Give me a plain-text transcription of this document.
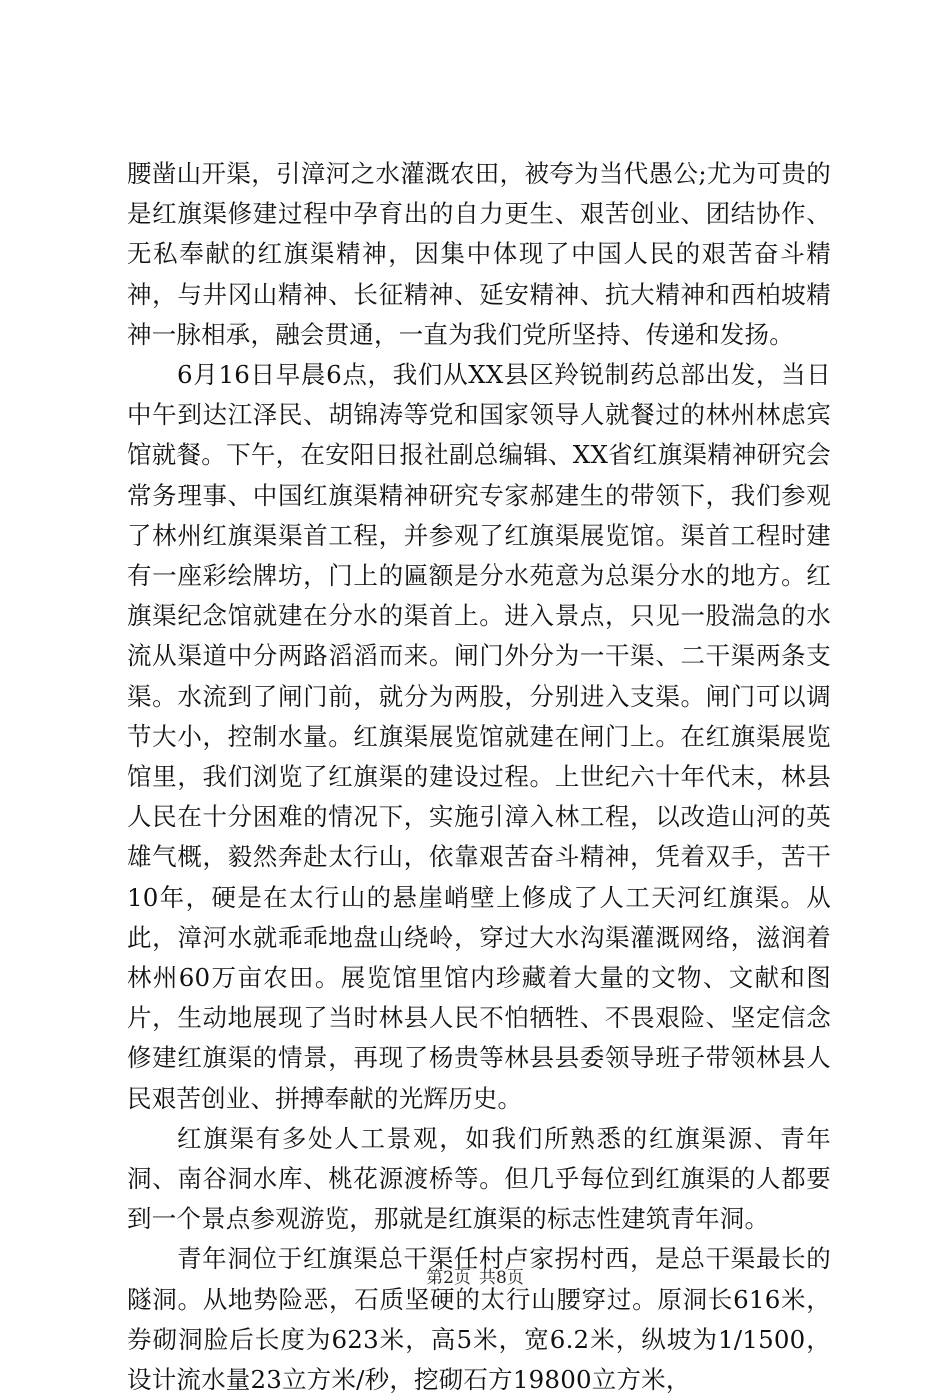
腰凿山开渠，引漳河之水灌溉农田，被夸为当代愚公;尤为可贵的是红旗渠修建过程中孕育出的自力更生、艰苦创业、团结协作、无私奉献的红旗渠精神，因集中体现了中国人民的艰苦奋斗精神，与井冈山精神、长征精神、延安精神、抗大精神和西柏坡精神一脉相承，融会贯通，一直为我们党所坚持、传递和发扬。

6月16日早晨6点，我们从XX县区羚锐制药总部出发，当日中午到达江泽民、胡锦涛等党和国家领导人就餐过的林州林虑宾馆就餐。下午，在安阳日报社副总编辑、XX省红旗渠精神研究会常务理事、中国红旗渠精神研究专家郝建生的带领下，我们参观了林州红旗渠渠首工程，并参观了红旗渠展览馆。渠首工程时建有一座彩绘牌坊，门上的匾额是分水苑意为总渠分水的地方。红旗渠纪念馆就建在分水的渠首上。进入景点，只见一股湍急的水流从渠道中分两路滔滔而来。闸门外分为一干渠、二干渠两条支渠。水流到了闸门前，就分为两股，分别进入支渠。闸门可以调节大小，控制水量。红旗渠展览馆就建在闸门上。在红旗渠展览馆里，我们浏览了红旗渠的建设过程。上世纪六十年代末，林县人民在十分困难的情况下，实施引漳入林工程，以改造山河的英雄气概，毅然奔赴太行山，依靠艰苦奋斗精神，凭着双手，苦干10年，硬是在太行山的悬崖峭壁上修成了人工天河红旗渠。从此，漳河水就乖乖地盘山绕岭，穿过大水沟渠灌溉网络，滋润着林州60万亩农田。展览馆里馆内珍藏着大量的文物、文献和图片，生动地展现了当时林县人民不怕牺牲、不畏艰险、坚定信念修建红旗渠的情景，再现了杨贵等林县县委领导班子带领林县人民艰苦创业、拼搏奉献的光辉历史。

红旗渠有多处人工景观，如我们所熟悉的红旗渠源、青年洞、南谷洞水库、桃花源渡桥等。但几乎每位到红旗渠的人都要到一个景点参观游览，那就是红旗渠的标志性建筑青年洞。

青年洞位于红旗渠总干渠任村卢家拐村西，是总干渠最长的隧洞。从地势险恶，石质坚硬的太行山腰穿过。原洞长616米，券砌洞脸后长度为623米，高5米，宽6.2米，纵坡为1/1500，设计流水量23立方米/秒，挖砌石方19800立方米，

第2页 共8页
